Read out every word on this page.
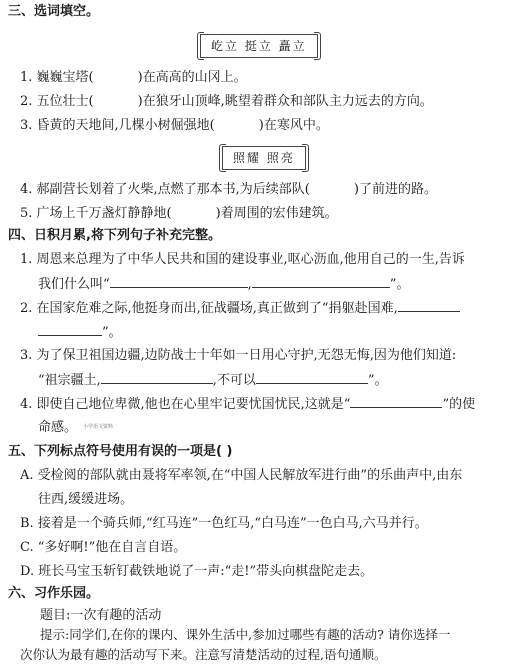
三、选词填空。
屹立 挺立 矗立
1. 巍巍宝塔(	)在高高的山冈上。
2. 五位壮士(	)在狼牙山顶峰,眺望着群众和部队主力远去的方向。
3. 昏黄的天地间,几棵小树倔强地(	)在寒风中。
照耀 照亮
4. 郝副营长划着了火柴,点燃了那本书,为后续部队(	)了前进的路。
5. 广场上千万盏灯静静地(	)着周围的宏伟建筑。
四、日积月累,将下列句子补充完整。
1. 周恩来总理为了中华人民共和国的建设事业,呕心沥血,他用自己的一生,告诉
我们什么叫“	,	”。
2. 在国家危难之际,他挺身而出,征战疆场,真正做到了“捐躯赴国难,
”。
3. 为了保卫祖国边疆,边防战士十年如一日用心守护,无怨无悔,因为他们知道:
“祖宗疆土,	,不可以	”。
4. 即使自己地位卑微,他也在心里牢记要忧国忧民,这就是“	”的使
命感。 小学语文资料
五、下列标点符号使用有误的一项是( )
A. 受检阅的部队就由聂将军率领,在“中国人民解放军进行曲”的乐曲声中,由东
往西,缓缓进场。
B. 接着是一个骑兵师,“红马连”一色红马,“白马连”一色白马,六马并行。
C. “多好啊!”他在自言自语。
D. 班长马宝玉斩钉截铁地说了一声:“走!”带头向棋盘陀走去。
六、习作乐园。
题目:一次有趣的活动
提示:同学们,在你的课内、课外生活中,参加过哪些有趣的活动? 请你选择一
次你认为最有趣的活动写下来。注意写清楚活动的过程,语句通顺。
